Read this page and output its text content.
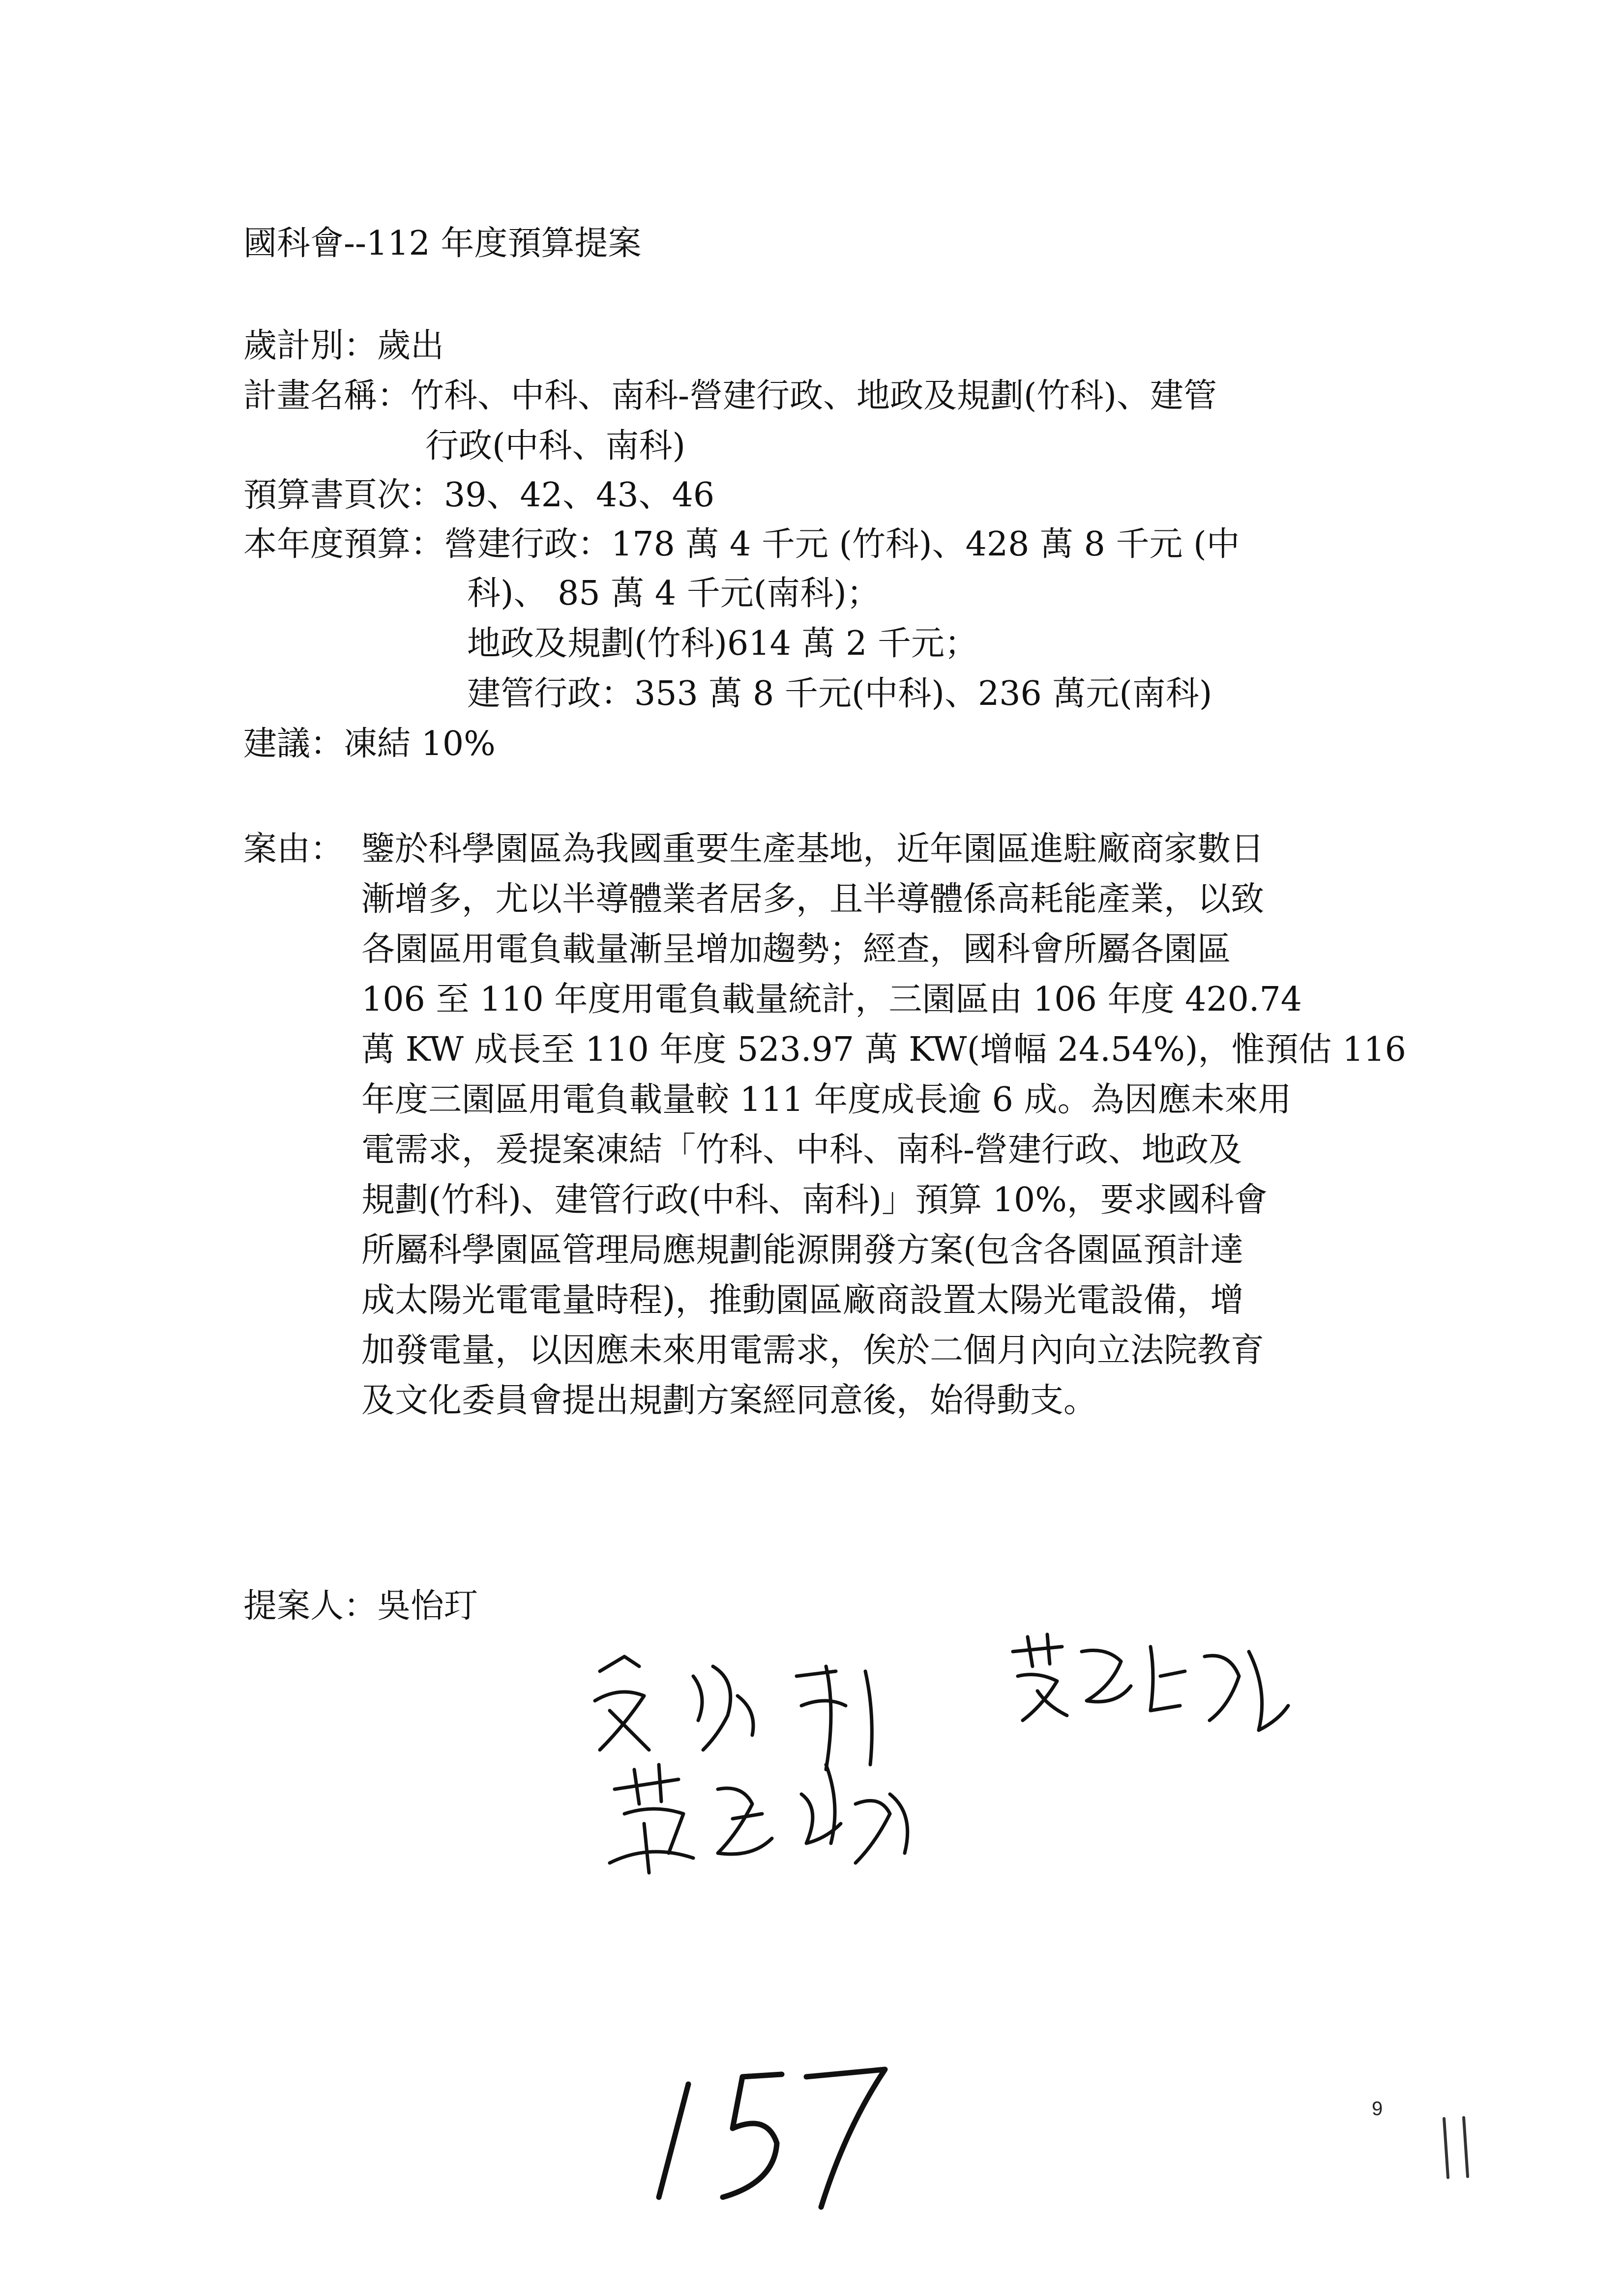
國科會--112 年度預算提案
歲計別：歲出
計畫名稱：竹科、中科、南科-營建行政、地政及規劃(竹科)、建管
行政(中科、南科)
預算書頁次：39、42、43、46
本年度預算：營建行政：178 萬 4 千元 (竹科)、428 萬 8 千元 (中
科)、 85 萬 4 千元(南科)；
地政及規劃(竹科)614 萬 2 千元；
建管行政：353 萬 8 千元(中科)、236 萬元(南科)
建議：凍結 10%
案由： 鑒於科學園區為我國重要生產基地，近年園區進駐廠商家數日
漸增多，尤以半導體業者居多，且半導體係高耗能產業，以致
各園區用電負載量漸呈增加趨勢；經查，國科會所屬各園區
106 至 110 年度用電負載量統計，三園區由 106 年度 420.74
萬 KW 成長至 110 年度 523.97 萬 KW(增幅 24.54%)，惟預估 116
年度三園區用電負載量較 111 年度成長逾 6 成。為因應未來用
電需求，爰提案凍結「竹科、中科、南科-營建行政、地政及
規劃(竹科)、建管行政(中科、南科)」預算 10%，要求國科會
所屬科學園區管理局應規劃能源開發方案(包含各園區預計達
成太陽光電電量時程)，推動園區廠商設置太陽光電設備，增
加發電量，以因應未來用電需求，俟於二個月內向立法院教育
及文化委員會提出規劃方案經同意後，始得動支。
提案人：吳怡玎
9
